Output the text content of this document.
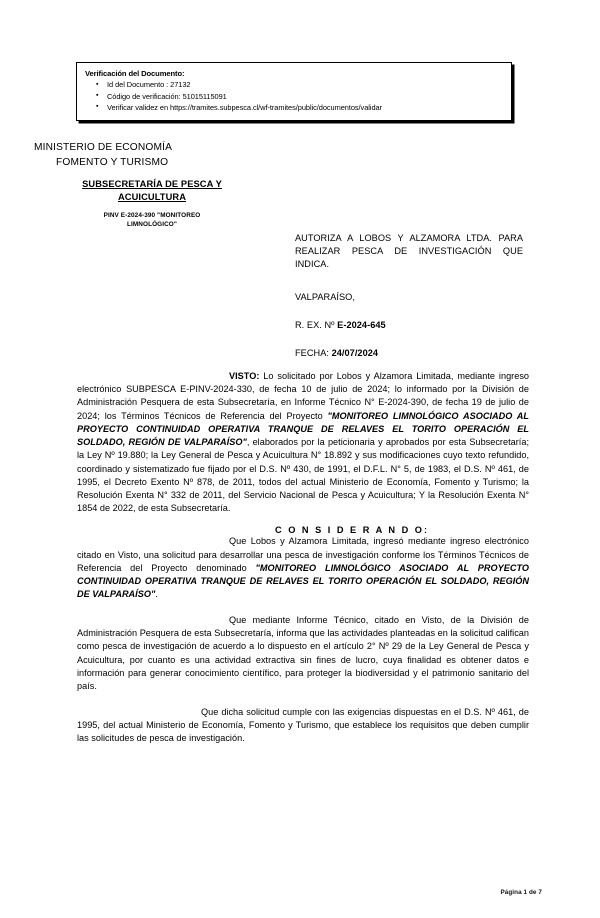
Verificación del Documento:
▪ Id del Documento : 27132
▪ Código de verificación: 51015115091
▪ Verificar validez en https://tramites.subpesca.cl/wf-tramites/public/documentos/validar
MINISTERIO DE ECONOMÍA
FOMENTO Y TURISMO
SUBSECRETARÍA DE PESCA Y
ACUICULTURA
PINV E-2024-390 "MONITOREO
LIMNOLÓGICO"
AUTORIZA A LOBOS Y ALZAMORA LTDA. PARA REALIZAR PESCA DE INVESTIGACIÓN QUE INDICA.
VALPARAÍSO,
R. EX. Nº E-2024-645
FECHA: 24/07/2024

VISTO: Lo solicitado por Lobos y Alzamora Limitada, mediante ingreso electrónico SUBPESCA E-PINV-2024-330, de fecha 10 de julio de 2024; lo informado por la División de Administración Pesquera de esta Subsecretaría, en Informe Técnico N° E-2024-390, de fecha 19 de julio de 2024; los Términos Técnicos de Referencia del Proyecto "MONITOREO LIMNOLÓGICO ASOCIADO AL PROYECTO CONTINUIDAD OPERATIVA TRANQUE DE RELAVES EL TORITO OPERACIÓN EL SOLDADO, REGIÓN DE VALPARAÍSO", elaborados por la peticionaria y aprobados por esta Subsecretaría; la Ley Nº 19.880; la Ley General de Pesca y Acuicultura N° 18.892 y sus modificaciones cuyo texto refundido, coordinado y sistematizado fue fijado por el D.S. Nº 430, de 1991, el D.F.L. N° 5, de 1983, el D.S. Nº 461, de 1995, el Decreto Exento Nº 878, de 2011, todos del actual Ministerio de Economía, Fomento y Turismo; la Resolución Exenta N° 332 de 2011, del Servicio Nacional de Pesca y Acuicultura; Y la Resolución Exenta N° 1854 de 2022, de esta Subsecretaría.

C O N S I D E R A N D O:

Que Lobos y Alzamora Limitada, ingresó mediante ingreso electrónico citado en Visto, una solicitud para desarrollar una pesca de investigación conforme los Términos Técnicos de Referencia del Proyecto denominado "MONITOREO LIMNOLÓGICO ASOCIADO AL PROYECTO CONTINUIDAD OPERATIVA TRANQUE DE RELAVES EL TORITO OPERACIÓN EL SOLDADO, REGIÓN DE VALPARAÍSO".

Que mediante Informe Técnico, citado en Visto, de la División de Administración Pesquera de esta Subsecretaría, informa que las actividades planteadas en la solicitud califican como pesca de investigación de acuerdo a lo dispuesto en el artículo 2° Nº 29 de la Ley General de Pesca y Acuicultura, por cuanto es una actividad extractiva sin fines de lucro, cuya finalidad es obtener datos e información para generar conocimiento científico, para proteger la biodiversidad y el patrimonio sanitario del país.

Que dicha solicitud cumple con las exigencias dispuestas en el D.S. Nº 461, de 1995, del actual Ministerio de Economía, Fomento y Turismo, que establece los requisitos que deben cumplir las solicitudes de pesca de investigación.

Página 1 de 7
